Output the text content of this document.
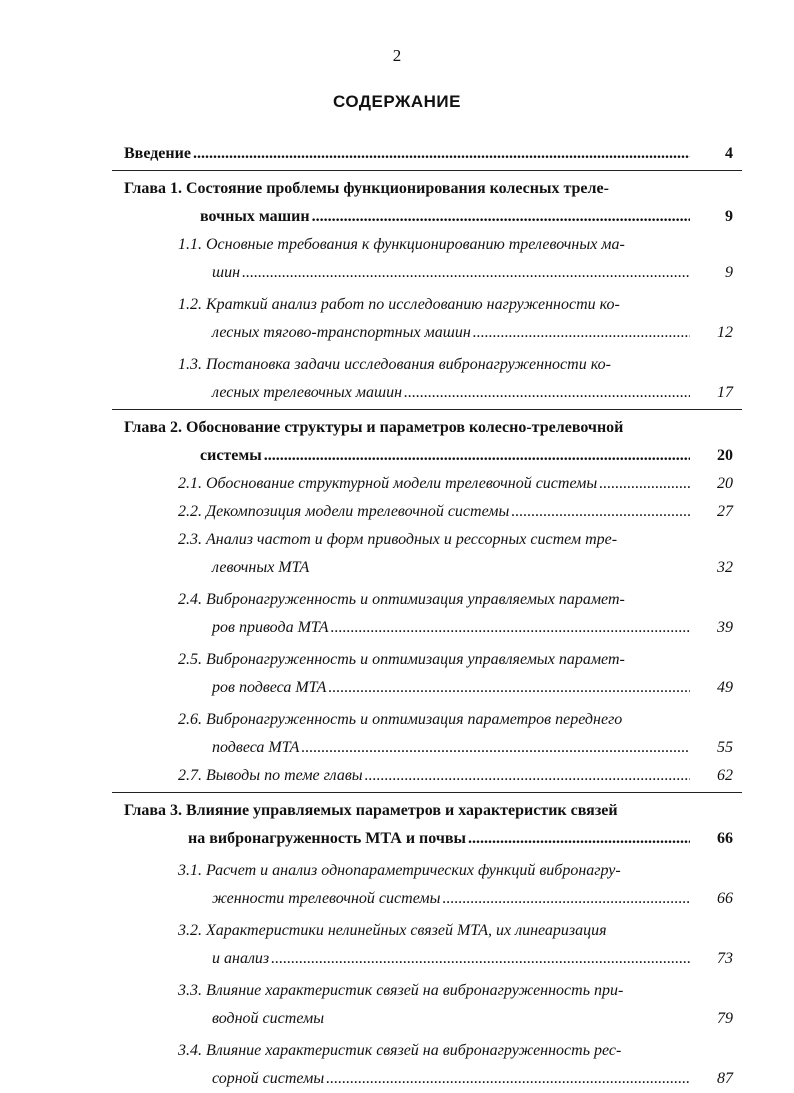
2
СОДЕРЖАНИЕ
Введение .....	4
Глава 1. Состояние проблемы функционирования колесных треле-
вочных машин .....	9
1.1. Основные требования к функционированию трелевочных ма-
шин .....	9
1.2. Краткий анализ работ по исследованию нагруженности ко-
лесных тягово-транспортных машин .....	12
1.3. Постановка задачи исследования вибронагруженности ко-
лесных трелевочных машин .....	17
Глава 2. Обоснование структуры и параметров колесно-трелевочной
системы .....	20
2.1. Обоснование структурной модели трелевочной системы .....	20
2.2. Декомпозиция модели трелевочной системы .....	27
2.3. Анализ частот и форм приводных и рессорных систем тре-
левочных МТА	32
2.4. Вибронагруженность и оптимизация управляемых парамет-
ров привода МТА .....	39
2.5. Вибронагруженность и оптимизация управляемых парамет-
ров подвеса МТА .....	49
2.6. Вибронагруженность и оптимизация параметров переднего
подвеса МТА .....	55
2.7. Выводы по теме главы .....	62
Глава 3. Влияние управляемых параметров и характеристик связей
на вибронагруженность МТА и почвы .....	66
3.1. Расчет и анализ однопараметрических функций вибронагру-
женности трелевочной системы .....	66
3.2. Характеристики нелинейных связей МТА, их линеаризация
и анализ .....	73
3.3. Влияние характеристик связей на вибронагруженность при-
водной системы	79
3.4. Влияние характеристик связей на вибронагруженность рес-
сорной системы .....	87
